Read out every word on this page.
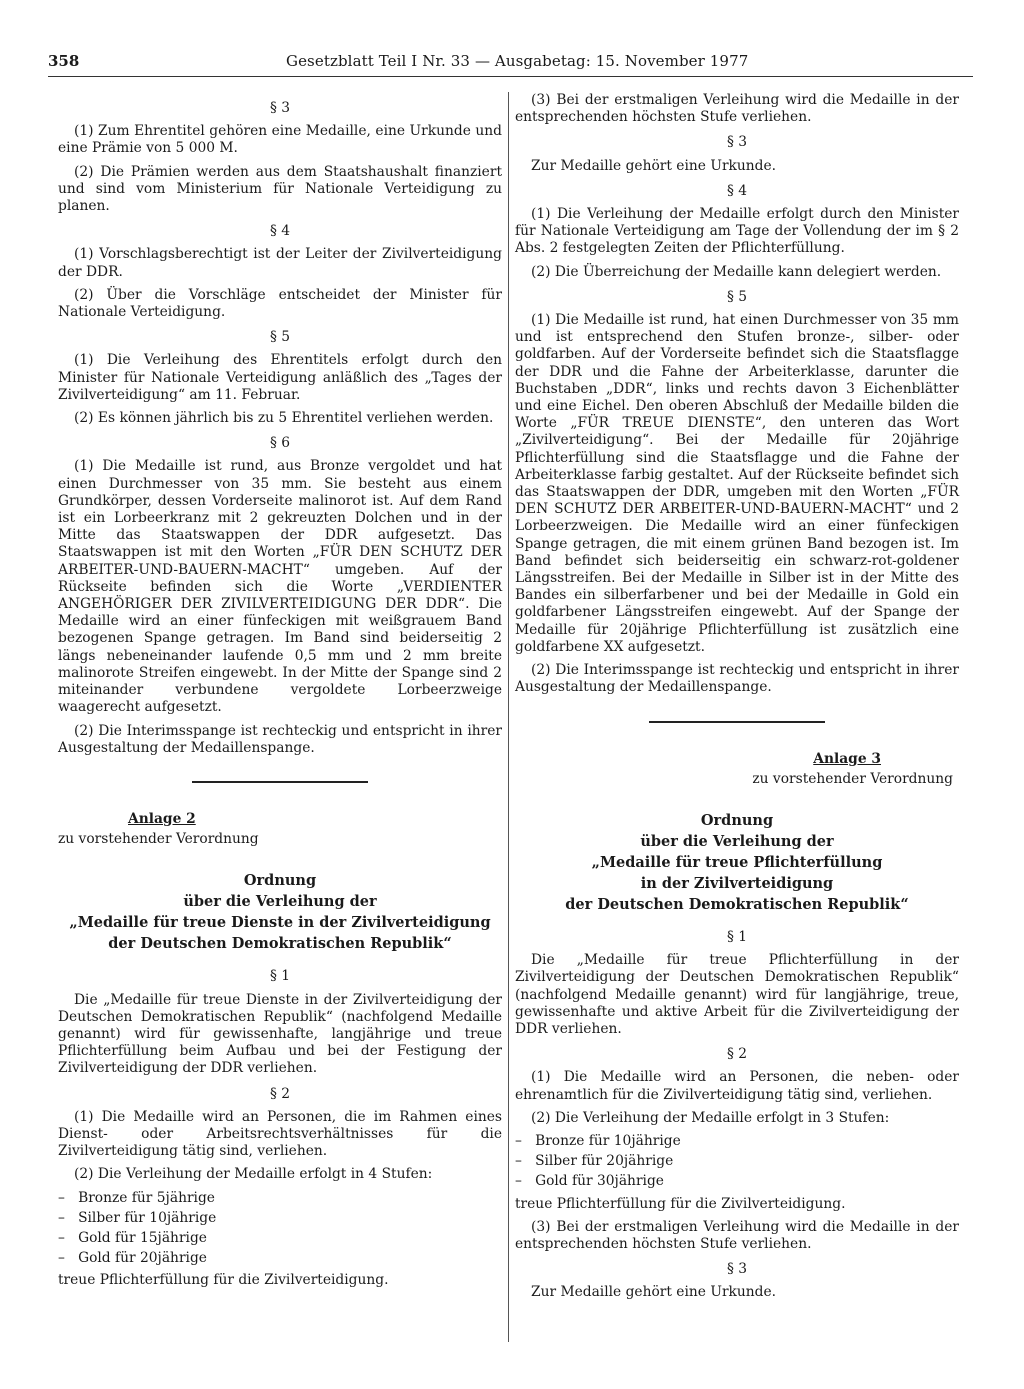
358	Gesetzblatt Teil I Nr. 33 — Ausgabetag: 15. November 1977
§ 3

(1) Zum Ehrentitel gehören eine Medaille, eine Urkunde und eine Prämie von 5 000 M.

(2) Die Prämien werden aus dem Staatshaushalt finanziert und sind vom Ministerium für Nationale Verteidigung zu planen.

§ 4

(1) Vorschlagsberechtigt ist der Leiter der Zivilverteidigung der DDR.

(2) Über die Vorschläge entscheidet der Minister für Nationale Verteidigung.

§ 5

(1) Die Verleihung des Ehrentitels erfolgt durch den Minister für Nationale Verteidigung anläßlich des „Tages der Zivilverteidigung“ am 11. Februar.

(2) Es können jährlich bis zu 5 Ehrentitel verliehen werden.

§ 6

(1) Die Medaille ist rund, aus Bronze vergoldet und hat einen Durchmesser von 35 mm. Sie besteht aus einem Grundkörper, dessen Vorderseite malinorot ist. Auf dem Rand ist ein Lorbeerkranz mit 2 gekreuzten Dolchen und in der Mitte das Staatswappen der DDR aufgesetzt. Das Staatswappen ist mit den Worten „FÜR DEN SCHUTZ DER ARBEITER-UND-BAUERN-MACHT“ umgeben. Auf der Rückseite befinden sich die Worte „VERDIENTER ANGEHÖRIGER DER ZIVILVERTEIDIGUNG DER DDR“. Die Medaille wird an einer fünfeckigen mit weißgrauem Band bezogenen Spange getragen. Im Band sind beiderseitig 2 längs nebeneinander laufende 0,5 mm und 2 mm breite malinorote Streifen eingewebt. In der Mitte der Spange sind 2 miteinander verbundene vergoldete Lorbeerzweige waagerecht aufgesetzt.

(2) Die Interimsspange ist rechteckig und entspricht in ihrer Ausgestaltung der Medaillenspange.

Anlage 2
zu vorstehender Verordnung
Ordnung
über die Verleihung der
„Medaille für treue Dienste in der Zivilverteidigung
der Deutschen Demokratischen Republik“
§ 1

Die „Medaille für treue Dienste in der Zivilverteidigung der Deutschen Demokratischen Republik“ (nachfolgend Medaille genannt) wird für gewissenhafte, langjährige und treue Pflichterfüllung beim Aufbau und bei der Festigung der Zivilverteidigung der DDR verliehen.

§ 2

(1) Die Medaille wird an Personen, die im Rahmen eines Dienst- oder Arbeitsrechtsverhältnisses für die Zivilverteidigung tätig sind, verliehen.

(2) Die Verleihung der Medaille erfolgt in 4 Stufen:

–   Bronze für 5jährige
–   Silber für 10jährige
–   Gold für 15jährige
–   Gold für 20jährige

treue Pflichterfüllung für die Zivilverteidigung.

(3) Bei der erstmaligen Verleihung wird die Medaille in der entsprechenden höchsten Stufe verliehen.

§ 3

Zur Medaille gehört eine Urkunde.

§ 4

(1) Die Verleihung der Medaille erfolgt durch den Minister für Nationale Verteidigung am Tage der Vollendung der im § 2 Abs. 2 festgelegten Zeiten der Pflichterfüllung.

(2) Die Überreichung der Medaille kann delegiert werden.

§ 5

(1) Die Medaille ist rund, hat einen Durchmesser von 35 mm und ist entsprechend den Stufen bronze-, silber- oder goldfarben. Auf der Vorderseite befindet sich die Staatsflagge der DDR und die Fahne der Arbeiterklasse, darunter die Buchstaben „DDR“, links und rechts davon 3 Eichenblätter und eine Eichel. Den oberen Abschluß der Medaille bilden die Worte „FÜR TREUE DIENSTE“, den unteren das Wort „Zivilverteidigung“. Bei der Medaille für 20jährige Pflichterfüllung sind die Staatsflagge und die Fahne der Arbeiterklasse farbig gestaltet. Auf der Rückseite befindet sich das Staatswappen der DDR, umgeben mit den Worten „FÜR DEN SCHUTZ DER ARBEITER-UND-BAUERN-MACHT“ und 2 Lorbeerzweigen. Die Medaille wird an einer fünfeckigen Spange getragen, die mit einem grünen Band bezogen ist. Im Band befindet sich beiderseitig ein schwarz-rot-goldener Längsstreifen. Bei der Medaille in Silber ist in der Mitte des Bandes ein silberfarbener und bei der Medaille in Gold ein goldfarbener Längsstreifen eingewebt. Auf der Spange der Medaille für 20jährige Pflichterfüllung ist zusätzlich eine goldfarbene XX aufgesetzt.

(2) Die Interimsspange ist rechteckig und entspricht in ihrer Ausgestaltung der Medaillenspange.

Anlage 3
zu vorstehender Verordnung
Ordnung
über die Verleihung der
„Medaille für treue Pflichterfüllung
in der Zivilverteidigung
der Deutschen Demokratischen Republik“
§ 1

Die „Medaille für treue Pflichterfüllung in der Zivilverteidigung der Deutschen Demokratischen Republik“ (nachfolgend Medaille genannt) wird für langjährige, treue, gewissenhafte und aktive Arbeit für die Zivilverteidigung der DDR verliehen.

§ 2

(1) Die Medaille wird an Personen, die neben- oder ehrenamtlich für die Zivilverteidigung tätig sind, verliehen.

(2) Die Verleihung der Medaille erfolgt in 3 Stufen:

–   Bronze für 10jährige
–   Silber für 20jährige
–   Gold für 30jährige

treue Pflichterfüllung für die Zivilverteidigung.

(3) Bei der erstmaligen Verleihung wird die Medaille in der entsprechenden höchsten Stufe verliehen.

§ 3

Zur Medaille gehört eine Urkunde.
